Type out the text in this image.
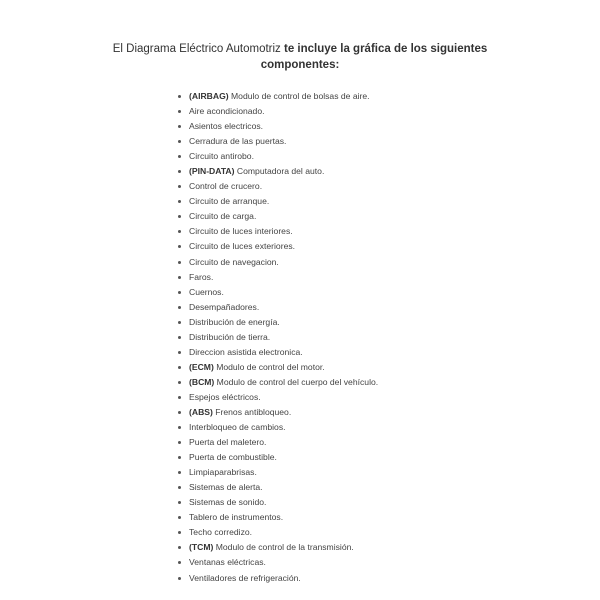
El Diagrama Eléctrico Automotriz te incluye la gráfica de los siguientes componentes:
(AIRBAG) Modulo de control de bolsas de aire.
Aire acondicionado.
Asientos electricos.
Cerradura de las puertas.
Circuito antirobo.
(PIN-DATA) Computadora del auto.
Control de crucero.
Circuito de arranque.
Circuito de carga.
Circuito de luces interiores.
Circuito de luces exteriores.
Circuito de navegacion.
Faros.
Cuernos.
Desempañadores.
Distribución de energía.
Distribución de tierra.
Direccion asistida electronica.
(ECM) Modulo de control del motor.
(BCM) Modulo de control del cuerpo del vehículo.
Espejos eléctricos.
(ABS) Frenos antibloqueo.
Interbloqueo de cambios.
Puerta del maletero.
Puerta de combustible.
Limpiaparabrisas.
Sistemas de alerta.
Sistemas de sonido.
Tablero de instrumentos.
Techo corredizo.
(TCM) Modulo de control de la transmisión.
Ventanas eléctricas.
Ventiladores de refrigeración.
